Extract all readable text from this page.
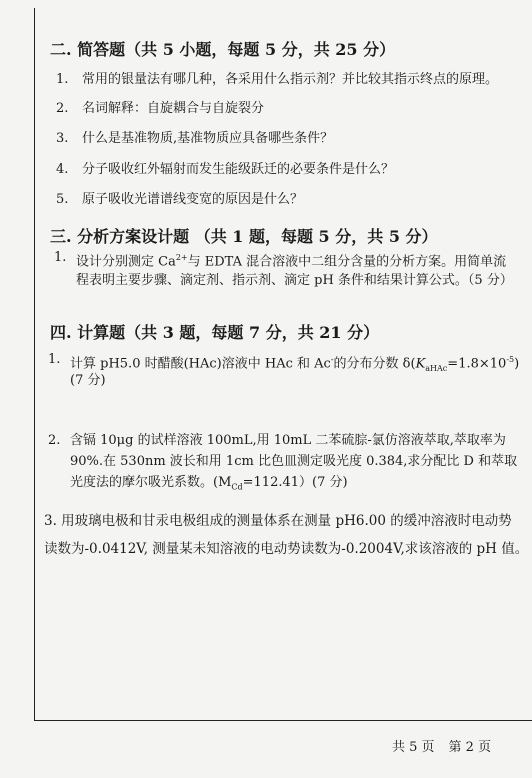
二. 简答题（共 5 小题，每题 5 分，共 25 分）
1. 常用的银量法有哪几种，各采用什么指示剂？并比较其指示终点的原理。
2. 名词解释：自旋耦合与自旋裂分
3. 什么是基准物质,基准物质应具备哪些条件？
4. 分子吸收红外辐射而发生能级跃迁的必要条件是什么？
5. 原子吸收光谱谱线变宽的原因是什么？
三. 分析方案设计题 （共 1 题，每题 5 分，共 5 分）
1. 设计分别测定 $Ca^{2+}$与 EDTA 混合溶液中二组分含量的分析方案。用简单流
程表明主要步骤、滴定剂、指示剂、滴定 pH 条件和结果计算公式。（5 分）
四. 计算题（共 3 题，每题 7 分，共 21 分）
1. 计算 pH5.0 时醋酸(HAc)溶液中 HAc 和 Ac-的分布分数 $\delta(K_{aHAc}=1.8\times 10^{-5})$
(7 分)
2. 含镉 10μg 的试样溶液 100mL,用 10mL 二苯硫腙-氯仿溶液萃取,萃取率为
90%.在 530nm 波长和用 1cm 比色皿测定吸光度 0.384,求分配比 D 和萃取
光度法的摩尔吸光系数。$(M_{Cd}=112.41)(7$ 分)
3. 用玻璃电极和甘汞电极组成的测量体系在测量 pH6.00 的缓冲溶液时电动势
读数为-0.0412V, 测量某未知溶液的电动势读数为-0.2004V,求该溶液的 pH 值。
共 5 页 第 2 页
